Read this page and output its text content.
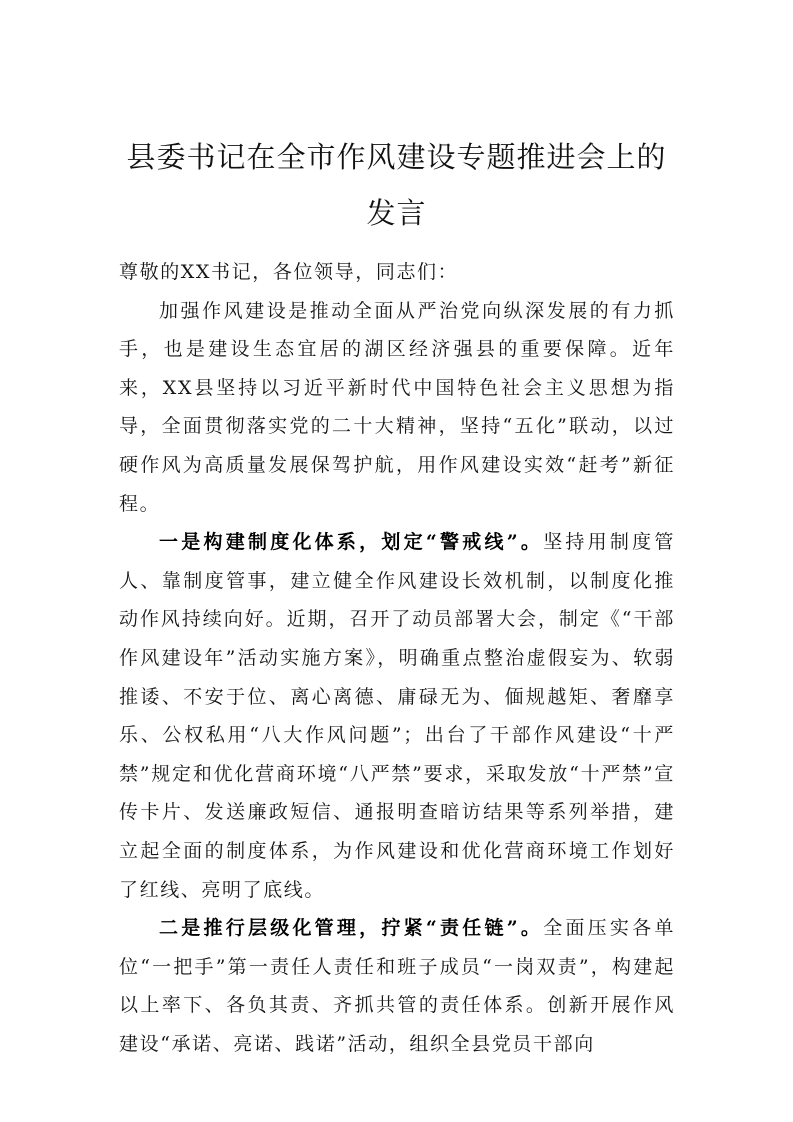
县委书记在全市作风建设专题推进会上的
发言

尊敬的XX书记，各位领导，同志们：

加强作风建设是推动全面从严治党向纵深发展的有力抓手，也是建设生态宜居的湖区经济强县的重要保障。近年来，XX县坚持以习近平新时代中国特色社会主义思想为指导，全面贯彻落实党的二十大精神，坚持“五化”联动，以过硬作风为高质量发展保驾护航，用作风建设实效“赶考”新征程。

一是构建制度化体系，划定“警戒线”。坚持用制度管人、靠制度管事，建立健全作风建设长效机制，以制度化推动作风持续向好。近期，召开了动员部署大会，制定《“干部作风建设年”活动实施方案》，明确重点整治虚假妄为、软弱推诿、不安于位、离心离德、庸碌无为、偭规越矩、奢靡享乐、公权私用“八大作风问题”；出台了干部作风建设“十严禁”规定和优化营商环境“八严禁”要求，采取发放“十严禁”宣传卡片、发送廉政短信、通报明查暗访结果等系列举措，建立起全面的制度体系，为作风建设和优化营商环境工作划好了红线、亮明了底线。

二是推行层级化管理，拧紧“责任链”。全面压实各单位“一把手”第一责任人责任和班子成员“一岗双责”，构建起以上率下、各负其责、齐抓共管的责任体系。创新开展作风建设“承诺、亮诺、践诺”活动，组织全县党员干部向
